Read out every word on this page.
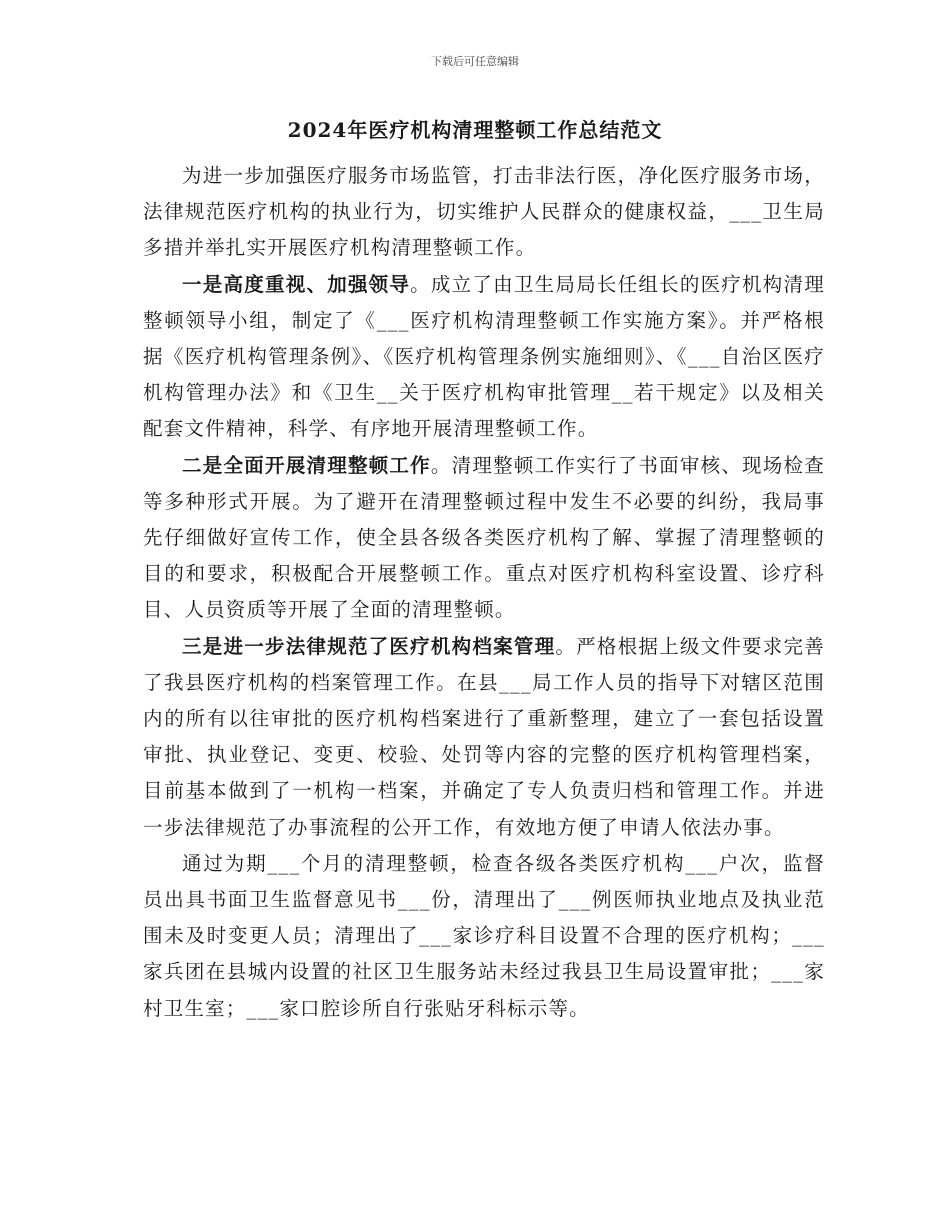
下载后可任意编辑
2024年医疗机构清理整顿工作总结范文

为进一步加强医疗服务市场监管，打击非法行医，净化医疗服务市场，法律规范医疗机构的执业行为，切实维护人民群众的健康权益，___卫生局多措并举扎实开展医疗机构清理整顿工作。

一是高度重视、加强领导。成立了由卫生局局长任组长的医疗机构清理整顿领导小组，制定了《___医疗机构清理整顿工作实施方案》。并严格根据《医疗机构管理条例》、《医疗机构管理条例实施细则》、《___自治区医疗机构管理办法》和《卫生__关于医疗机构审批管理__若干规定》以及相关配套文件精神，科学、有序地开展清理整顿工作。

二是全面开展清理整顿工作。清理整顿工作实行了书面审核、现场检查等多种形式开展。为了避开在清理整顿过程中发生不必要的纠纷，我局事先仔细做好宣传工作，使全县各级各类医疗机构了解、掌握了清理整顿的目的和要求，积极配合开展整顿工作。重点对医疗机构科室设置、诊疗科目、人员资质等开展了全面的清理整顿。

三是进一步法律规范了医疗机构档案管理。严格根据上级文件要求完善了我县医疗机构的档案管理工作。在县___局工作人员的指导下对辖区范围内的所有以往审批的医疗机构档案进行了重新整理，建立了一套包括设置审批、执业登记、变更、校验、处罚等内容的完整的医疗机构管理档案，目前基本做到了一机构一档案，并确定了专人负责归档和管理工作。并进一步法律规范了办事流程的公开工作，有效地方便了申请人依法办事。

通过为期___个月的清理整顿，检查各级各类医疗机构___户次，监督员出具书面卫生监督意见书___份，清理出了___例医师执业地点及执业范围未及时变更人员；清理出了___家诊疗科目设置不合理的医疗机构；___家兵团在县城内设置的社区卫生服务站未经过我县卫生局设置审批；___家村卫生室；___家口腔诊所自行张贴牙科标示等。
